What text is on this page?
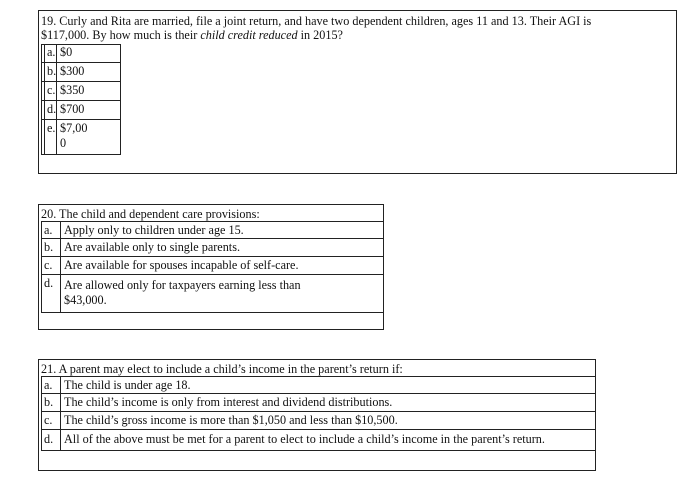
19. Curly and Rita are married, file a joint return, and have two dependent children, ages 11 and 13. Their AGI is
$117,000. By how much is their child credit reduced in 2015?
a. $0
b. $300
c. $350
d. $700
e. $7,00
0
20. The child and dependent care provisions:
a. Apply only to children under age 15.
b. Are available only to single parents.
c. Are available for spouses incapable of self-care.
d. Are allowed only for taxpayers earning less than
$43,000.
21. A parent may elect to include a child’s income in the parent’s return if:
a. The child is under age 18.
b. The child’s income is only from interest and dividend distributions.
c. The child’s gross income is more than $1,050 and less than $10,500.
d. All of the above must be met for a parent to elect to include a child’s income in the parent’s return.
